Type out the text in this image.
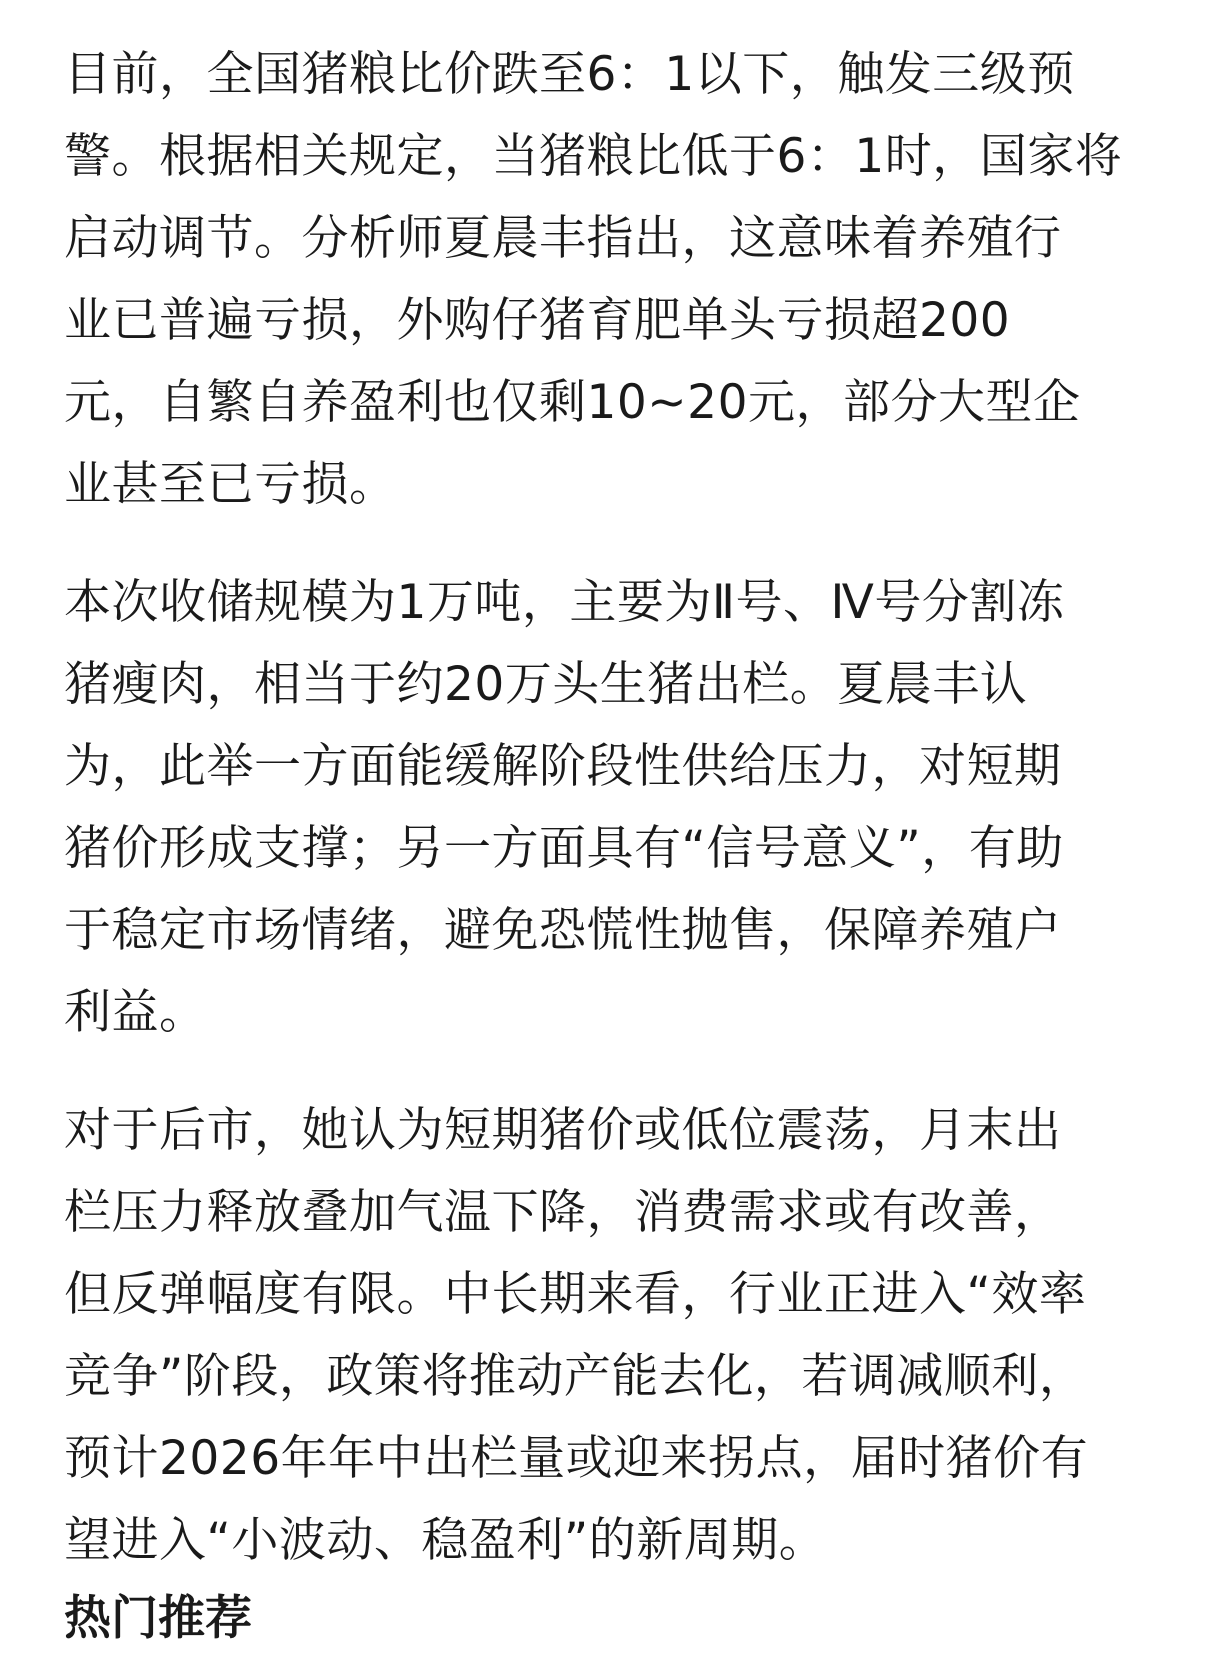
目前，全国猪粮比价跌至6：1以下，触发三级预
警。根据相关规定，当猪粮比低于6：1时，国家将
启动调节。分析师夏晨丰指出，这意味着养殖行
业已普遍亏损，外购仔猪育肥单头亏损超200
元，自繁自养盈利也仅剩10~20元，部分大型企
业甚至已亏损。

本次收储规模为1万吨，主要为Ⅱ号、Ⅳ号分割冻
猪瘦肉，相当于约20万头生猪出栏。夏晨丰认
为，此举一方面能缓解阶段性供给压力，对短期
猪价形成支撑；另一方面具有“信号意义”，有助
于稳定市场情绪，避免恐慌性抛售，保障养殖户
利益。

对于后市，她认为短期猪价或低位震荡，月末出
栏压力释放叠加气温下降，消费需求或有改善，
但反弹幅度有限。中长期来看，行业正进入“效率
竞争”阶段，政策将推动产能去化，若调减顺利，
预计2026年年中出栏量或迎来拐点，届时猪价有
望进入“小波动、稳盈利”的新周期。

热门推荐
